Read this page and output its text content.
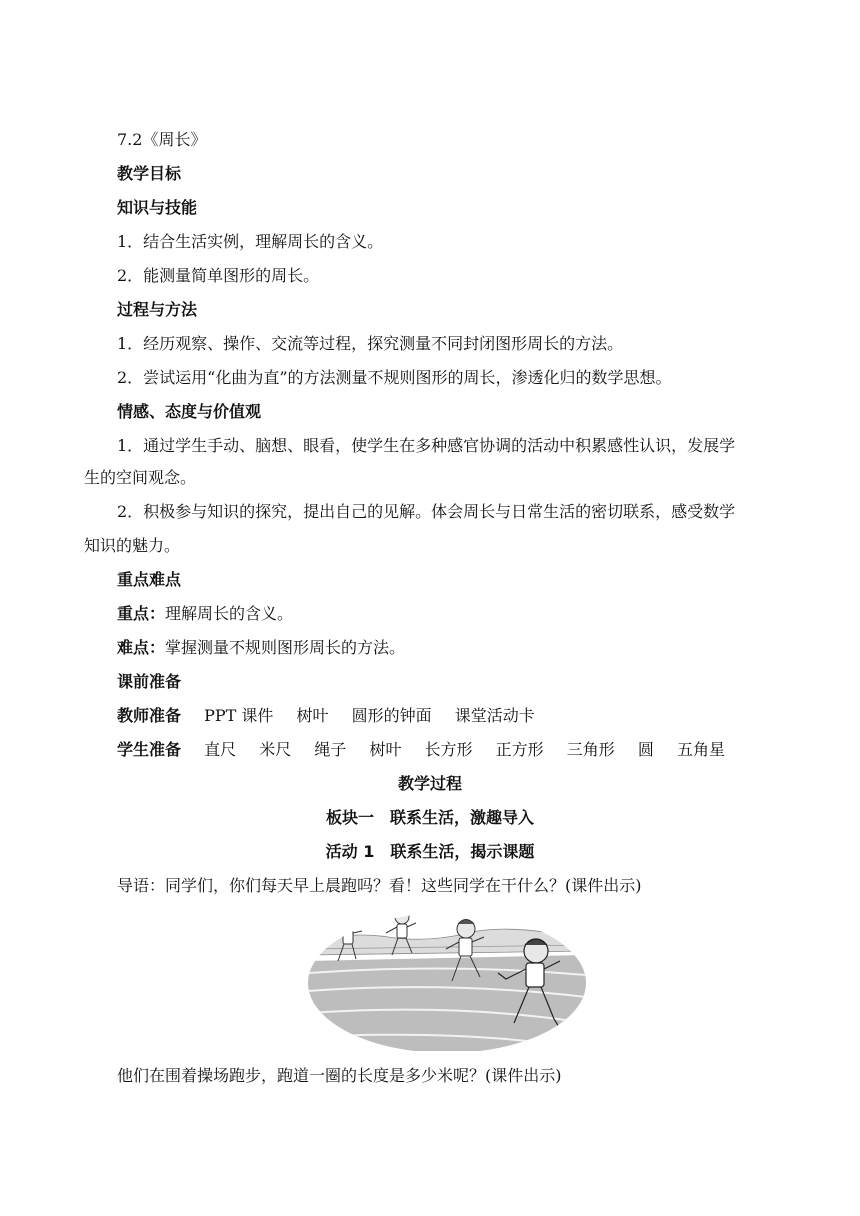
7.2《周长》
教学目标
知识与技能
1．结合生活实例，理解周长的含义。
2．能测量简单图形的周长。
过程与方法
1．经历观察、操作、交流等过程，探究测量不同封闭图形周长的方法。
2．尝试运用“化曲为直”的方法测量不规则图形的周长，渗透化归的数学思想。
情感、态度与价值观
1．通过学生手动、脑想、眼看，使学生在多种感官协调的活动中积累感性认识，发展学
生的空间观念。
2．积极参与知识的探究，提出自己的见解。体会周长与日常生活的密切联系，感受数学
知识的魅力。
重点难点
重点：理解周长的含义。
难点：掌握测量不规则图形周长的方法。
课前准备
教师准备 PPT 课件 树叶 圆形的钟面 课堂活动卡
学生准备 直尺 米尺 绳子 树叶 长方形 正方形 三角形 圆 五角星
教学过程
板块一　联系生活，激趣导入
活动 1　联系生活，揭示课题
导语：同学们，你们每天早上晨跑吗？看！这些同学在干什么？(课件出示)
他们在围着操场跑步，跑道一圈的长度是多少米呢？(课件出示)
